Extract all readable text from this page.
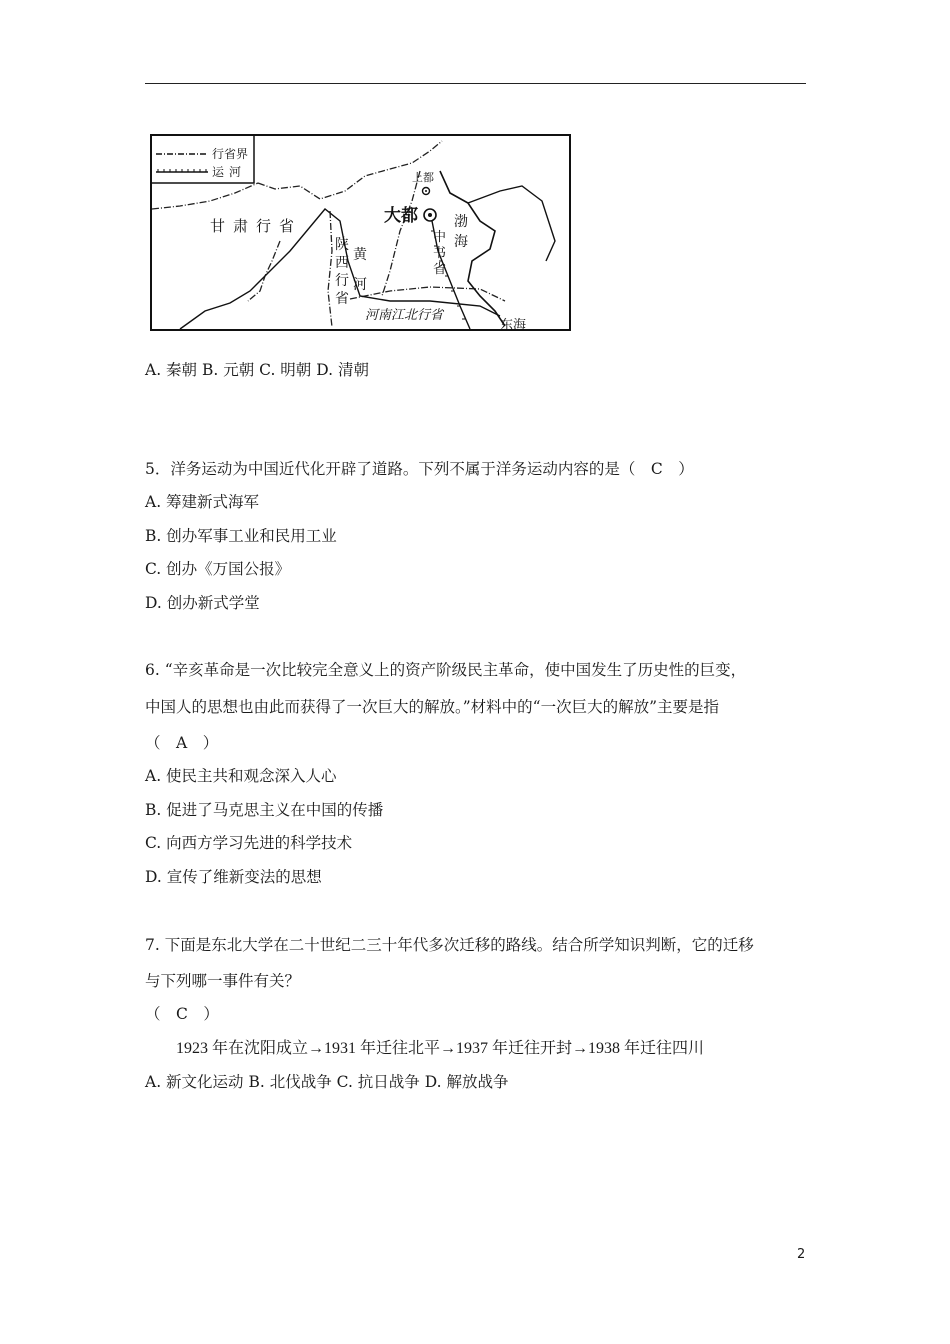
行省界
运河	上都
大都
甘肃行省
陕
西
行
省
黄
河
中
书
省
渤
海
河南江北行省
东海
A. 秦朝 B. 元朝 C. 明朝 D. 清朝
5．洋务运动为中国近代化开辟了道路。下列不属于洋务运动内容的是（　C　）
A. 筹建新式海军
B. 创办军事工业和民用工业
C. 创办《万国公报》
D. 创办新式学堂
6. “辛亥革命是一次比较完全意义上的资产阶级民主革命，使中国发生了历史性的巨变，
中国人的思想也由此而获得了一次巨大的解放。”材料中的“一次巨大的解放”主要是指
（　A　）
A. 使民主共和观念深入人心
B. 促进了马克思主义在中国的传播
C. 向西方学习先进的科学技术
D. 宣传了维新变法的思想
7. 下面是东北大学在二十世纪二三十年代多次迁移的路线。结合所学知识判断，它的迁移
与下列哪一事件有关？
（　C　）
1923 年在沈阳成立→1931 年迁往北平→1937 年迁往开封→1938 年迁往四川
A. 新文化运动 B. 北伐战争 C. 抗日战争 D. 解放战争
2
